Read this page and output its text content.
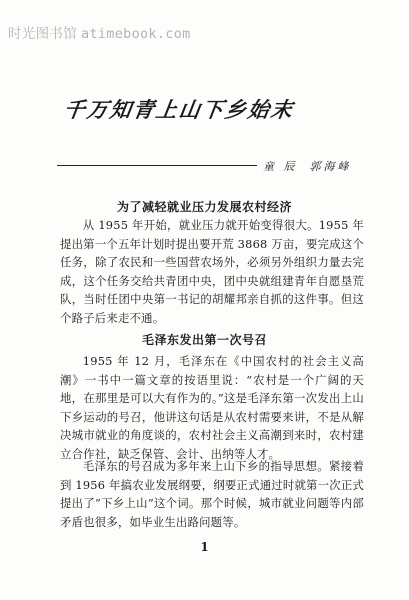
时光图书馆 atimebook.com
千万知青上山下乡始末
童 辰 郭海峰
为了减轻就业压力发展农村经济

从 1955 年开始，就业压力就开始变得很大。1955 年提出第一个五年计划时提出要开荒 3868 万亩，要完成这个任务，除了农民和一些国营农场外，必须另外组织力量去完成，这个任务交给共青团中央，团中央就组建青年自愿垦荒队，当时任团中央第一书记的胡耀邦亲自抓的这件事。但这个路子后来走不通。

毛泽东发出第一次号召

1955 年 12 月，毛泽东在《中国农村的社会主义高潮》一书中一篇文章的按语里说：“农村是一个广阔的天地，在那里是可以大有作为的。”这是毛泽东第一次发出上山下乡运动的号召，他讲这句话是从农村需要来讲，不是从解决城市就业的角度谈的，农村社会主义高潮到来时，农村建立合作社，缺乏保管、会计、出纳等人才。

毛泽东的号召成为多年来上山下乡的指导思想。紧接着到 1956 年搞农业发展纲要，纲要正式通过时就第一次正式提出了“下乡上山”这个词。那个时候，城市就业问题等内部矛盾也很多，如毕业生出路问题等。

1
